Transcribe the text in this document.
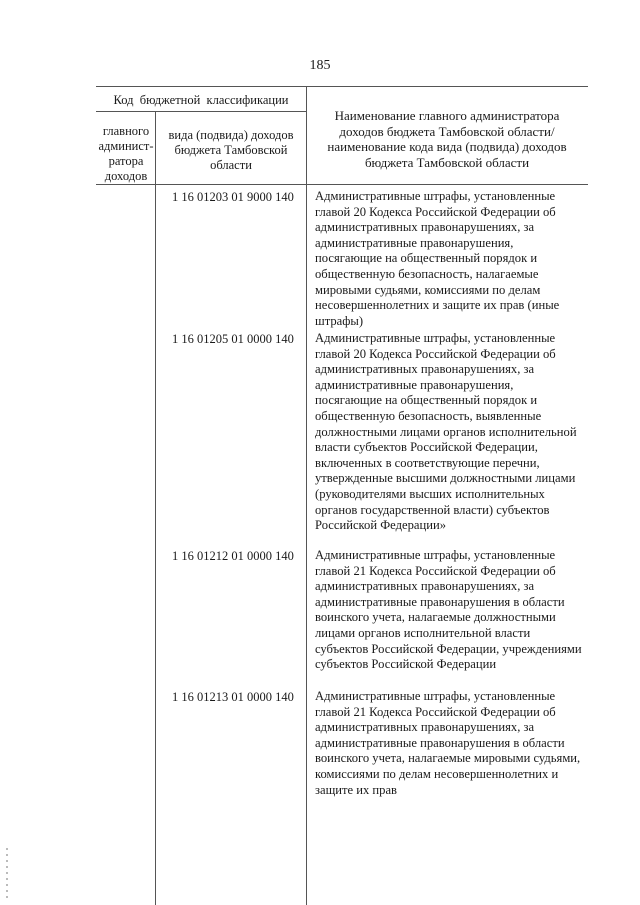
185
Код  бюджетной  классификации
главного админист-ратора доходов
вида (подвида) доходов бюджета Тамбовской области
Наименование главного администратора доходов бюджета Тамбовской области/наименование кода вида (подвида) доходов бюджета Тамбовской области
1 16 01203 01 9000 140 Административные штрафы, установленные главой 20 Кодекса Российской Федерации об административных правонарушениях, за административные правонарушения, посягающие на общественный порядок и общественную безопасность, налагаемые мировыми судьями, комиссиями по делам несовершеннолетних и защите их прав (иные штрафы)
1 16 01205 01 0000 140 Административные штрафы, установленные главой 20 Кодекса Российской Федерации об административных правонарушениях, за административные правонарушения, посягающие на общественный порядок и общественную безопасность, выявленные должностными лицами органов исполнительной власти субъектов Российской Федерации, включенных в соответствующие перечни, утвержденные высшими должностными лицами (руководителями высших исполнительных органов государственной власти) субъектов Российской Федерации»
1 16 01212 01 0000 140 Административные штрафы, установленные главой 21 Кодекса Российской Федерации об административных правонарушениях, за административные правонарушения в области воинского учета, налагаемые должностными лицами органов исполнительной власти субъектов Российской Федерации, учреждениями субъектов Российской Федерации
1 16 01213 01 0000 140 Административные штрафы, установленные главой 21 Кодекса Российской Федерации об административных правонарушениях, за административные правонарушения в области воинского учета, налагаемые мировыми судьями, комиссиями по делам несовершеннолетних и защите их прав
